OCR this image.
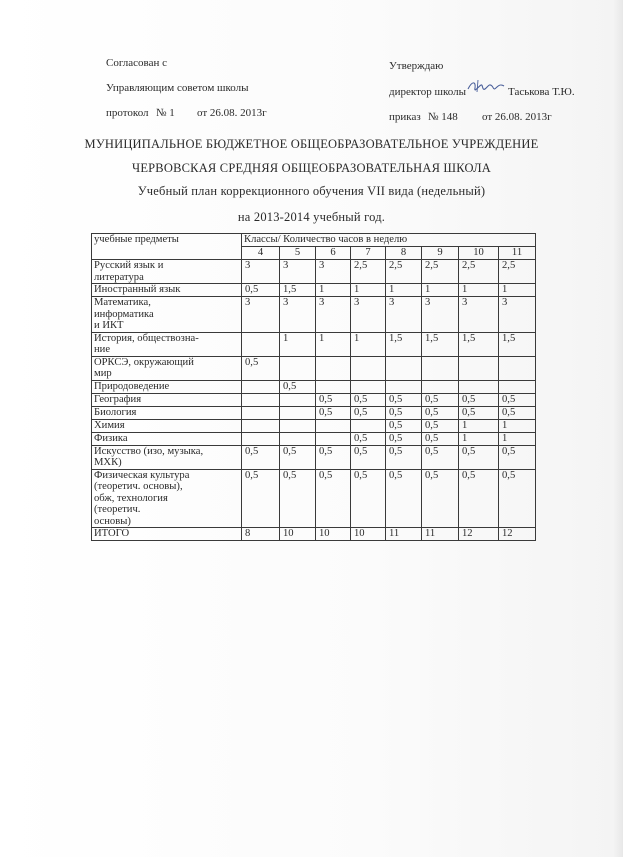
Согласован с
Управляющим советом школы
протокол № 1 от 26.08. 2013г
Утверждаю
директор школы	Таськова Т.Ю.
приказ № 148 от 26.08. 2013г
МУНИЦИПАЛЬНОЕ БЮДЖЕТНОЕ ОБЩЕОБРАЗОВАТЕЛЬНОЕ УЧРЕЖДЕНИЕ
ЧЕРВОВСКАЯ СРЕДНЯЯ ОБЩЕОБРАЗОВАТЕЛЬНАЯ ШКОЛА
Учебный план коррекционного обучения VII вида (недельный)
на 2013-2014 учебный год.
учебные предметы	Классы/ Количество часов в неделю							
	4	5	6	7	8	9	10	11

Русский язык и
литература	3	3	3	2,5	2,5	2,5	2,5	2,5

Иностранный язык	0,5	1,5	1	1	1	1	1	1

Математика,
информатика
и ИКТ	3	3	3	3	3	3	3	3

История, обществозна-
ние		1	1	1	1,5	1,5	1,5	1,5

ОРКСЭ, окружающий
мир	0,5							

Природоведение		0,5						

География			0,5	0,5	0,5	0,5	0,5	0,5

Биология			0,5	0,5	0,5	0,5	0,5	0,5

Химия					0,5	0,5	1	1

Физика				0,5	0,5	0,5	1	1

Искусство (изо, музыка,
МХК)	0,5	0,5	0,5	0,5	0,5	0,5	0,5	0,5

Физическая культура
(теоретич. основы),
обж, технология
(теоретич.
основы)	0,5	0,5	0,5	0,5	0,5	0,5	0,5	0,5

ИТОГО	8	10	10	10	11	11	12	12
